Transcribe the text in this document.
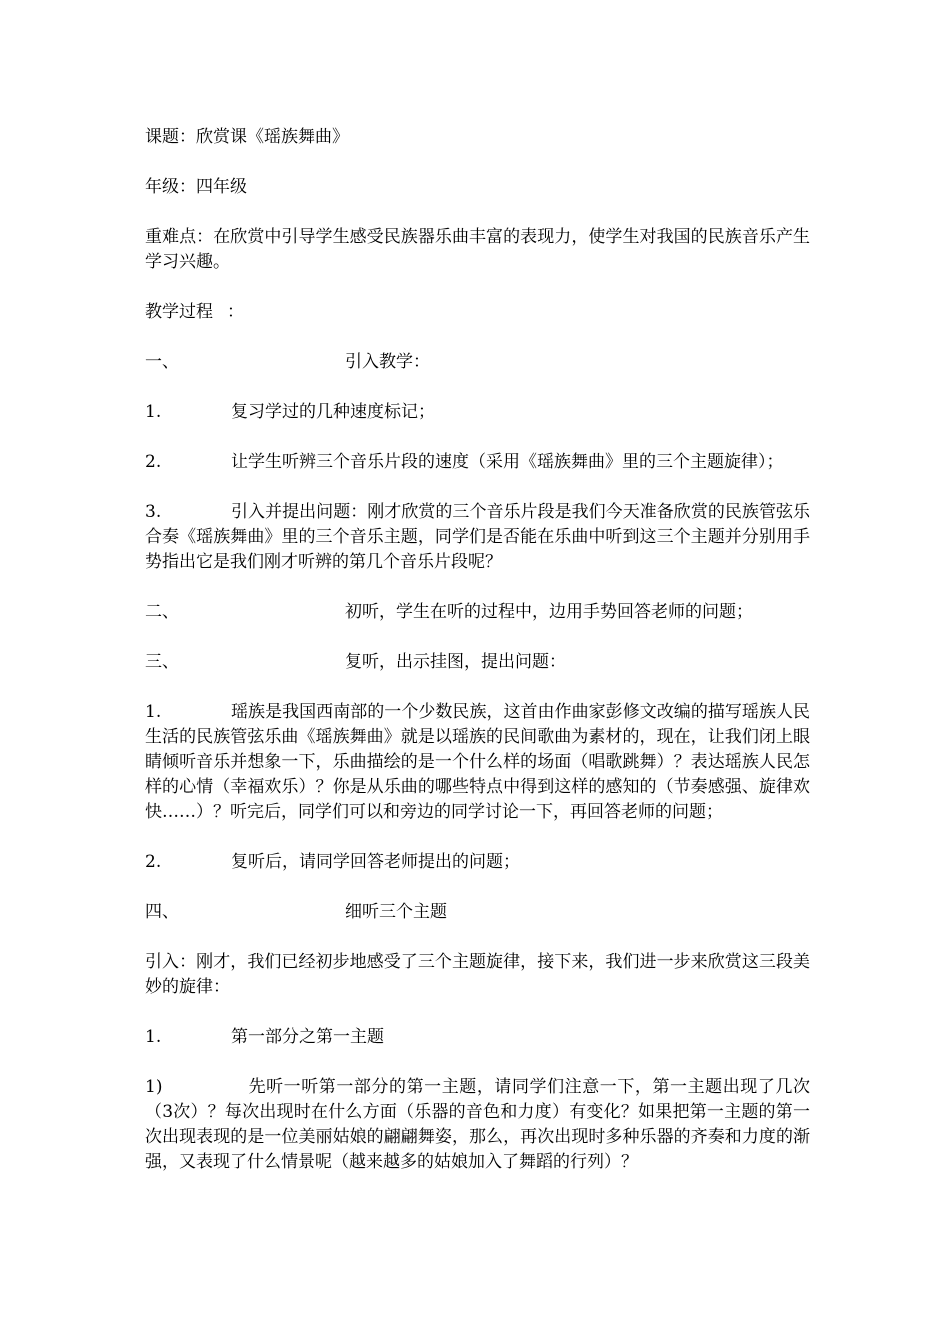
课题：欣赏课《瑶族舞曲》

年级：四年级

重难点：在欣赏中引导学生感受民族器乐曲丰富的表现力，使学生对我国的民族音乐产生学习兴趣。

教学过程 ：
一、	引入教学：
1.	复习学过的几种速度标记；

2.	让学生听辨三个音乐片段的速度（采用《瑶族舞曲》里的三个主题旋律）；

3.	引入并提出问题：刚才欣赏的三个音乐片段是我们今天准备欣赏的民族管弦乐合奏《瑶族舞曲》里的三个音乐主题，同学们是否能在乐曲中听到这三个主题并分别用手势指出它是我们刚才听辨的第几个音乐片段呢？

二、	初听，学生在听的过程中，边用手势回答老师的问题；
三、	复听，出示挂图，提出问题：

1.	瑶族是我国西南部的一个少数民族，这首由作曲家彭修文改编的描写瑶族人民生活的民族管弦乐曲《瑶族舞曲》就是以瑶族的民间歌曲为素材的，现在，让我们闭上眼睛倾听音乐并想象一下，乐曲描绘的是一个什么样的场面（唱歌跳舞）？表达瑶族人民怎样的心情（幸福欢乐）？你是从乐曲的哪些特点中得到这样的感知的（节奏感强、旋律欢快……）？听完后，同学们可以和旁边的同学讨论一下，再回答老师的问题；

2.	复听后，请同学回答老师提出的问题；
四、	细听三个主题

引入：刚才，我们已经初步地感受了三个主题旋律，接下来，我们进一步来欣赏这三段美妙的旋律：

1.	第一部分之第一主题

1)	先听一听第一部分的第一主题，请同学们注意一下，第一主题出现了几次（3次）？每次出现时在什么方面（乐器的音色和力度）有变化？如果把第一主题的第一次出现表现的是一位美丽姑娘的翩翩舞姿，那么，再次出现时多种乐器的齐奏和力度的渐强，又表现了什么情景呢（越来越多的姑娘加入了舞蹈的行列）？
